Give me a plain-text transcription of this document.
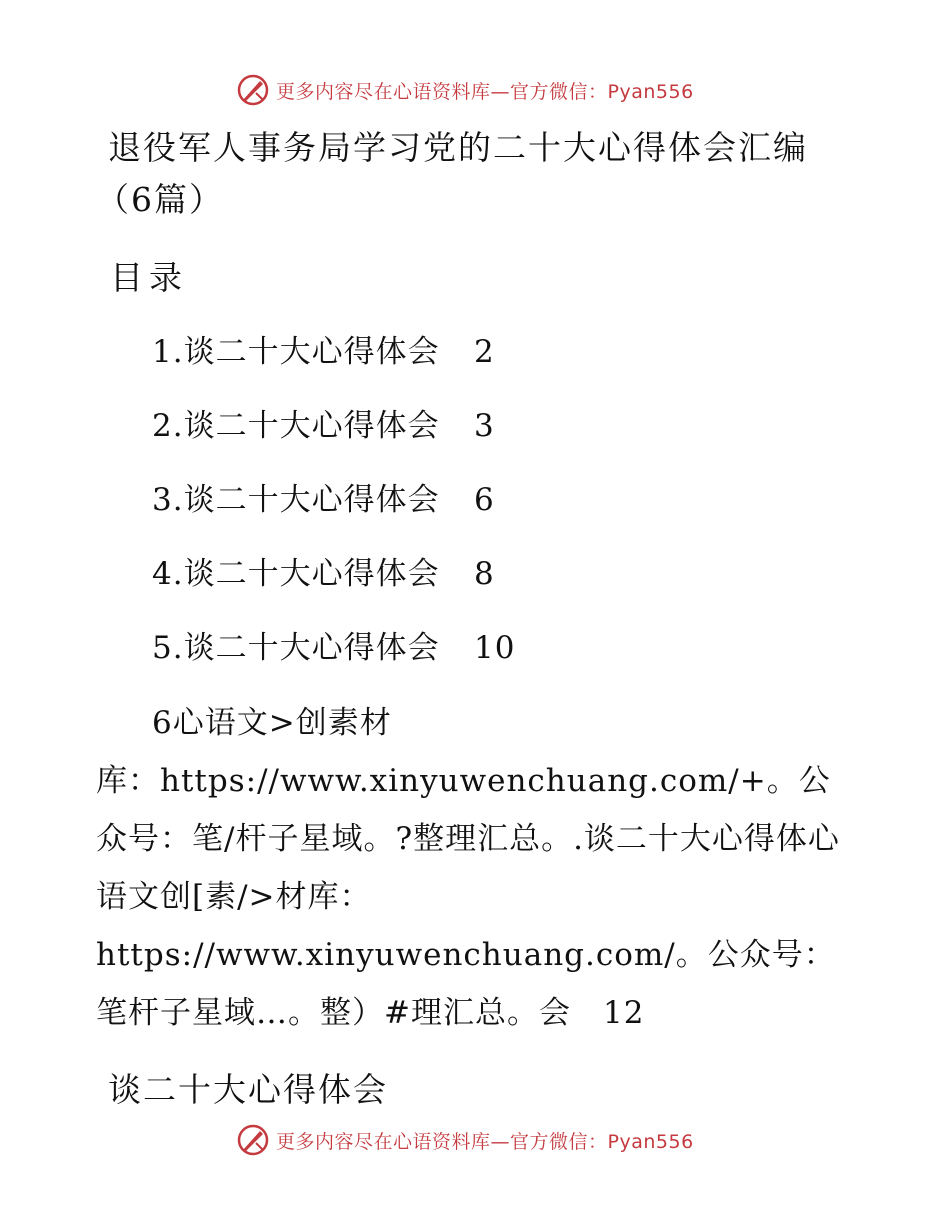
更多内容尽在心语资料库—官方微信：Pyan556
退役军人事务局学习党的二十大心得体会汇编（6篇）
目录
1.谈二十大心得体会 2
2.谈二十大心得体会 3
3.谈二十大心得体会 6
4.谈二十大心得体会 8
5.谈二十大心得体会 10
6心语文>创素材
库：https://www.xinyuwenchuang.com/+。公众号：笔/杆子星域。?整理汇总。.谈二十大心得体心语文创[素/>材库：https://www.xinyuwenchuang.com/。公众号：笔杆子星域…。整）#理汇总。会　12
谈二十大心得体会
更多内容尽在心语资料库—官方微信：Pyan556
